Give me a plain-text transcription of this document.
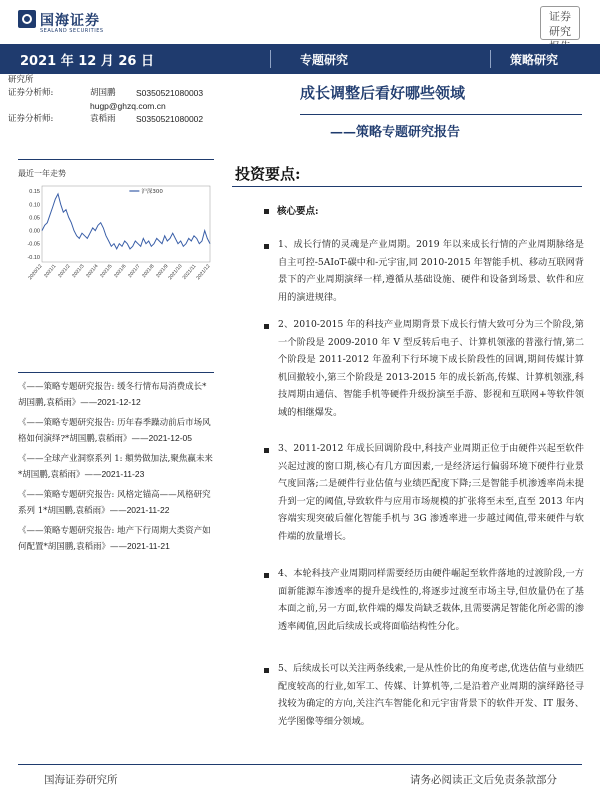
国海证券
SEALAND SECURITIES
证券研究
2021 年 12 月 26 日	专题研究	策略研究
研究所
证券分析师:	胡国鹏 S0350521080003
hugp@ghzq.com.cn
证券分析师:	袁稻雨 S0350521080002
成长调整后看好哪些领域
——策略专题研究报告
最近一年走势
0.15
0.10
0.05
0.00
-0.05
-0.10
2020/12 2021/1 2021/2 2021/3 2021/4 2021/5 2021/6 2021/7 2021/8 2021/9
2021/10
2021/11
2021/12
沪深300

《——策略专题研究报告: 缓冬行情布局消费成长*胡国鹏,袁稻雨》——2021-12-12

《——策略专题研究报告: 历年春季躁动前后市场风格如何演绎?*胡国鹏,袁稻雨》——2021-12-05

《——全球产业洞察系列 1: 頫势做加法,聚焦赢未来*胡国鹏,袁稻雨》——2021-11-23

《——策略专题研究报告: 风格定锚高——风格研究系列 1*胡国鹏,袁稻雨》——2021-11-22

《——策略专题研究报告: 地产下行周期大类资产如何配置*胡国鹏,袁稻雨》——2021-11-21

投资要点:
核心要点:
1、成长行情的灵魂是产业周期。2019 年以来成长行情的产业周期脉络是自主可控-5AIoT-碳中和-元宇宙,同 2010-2015 年智能手机、移动互联网背景下的产业周期演绎一样,遵循从基础设施、硬件和设备到场景、软件和应用的演进规律。
2、2010-2015 年的科技产业周期背景下成长行情大致可分为三个阶段,第一个阶段是 2009-2010 年 V 型反转后电子、计算机领涨的普涨行情,第二个阶段是 2011-2012 年盈利下行环境下成长阶段性的回调,期间传媒计算机回撤较小,第三个阶段是 2013-2015 年的成长新高,传媒、计算机领涨,科技周期由通信、智能手机等硬件升级扮演至手游、影视和互联网+等软件领域的相继爆发。
3、2011-2012 年成长回调阶段中,科技产业周期正位于由硬件兴起至软件兴起过渡的窗口期,核心有几方面因素,一是经济运行偏弱环境下硬件行业景气度回落;二是硬件行业估值与业绩匹配度下降;三是智能手机渗透率尚未提升到一定的阈值,导致软件与应用市场规模的扩张将至未至,直至 2013 年内容端实现突破后催化智能手机与 3G 渗透率进一步越过阈值,带来硬件与软件端的放量增长。
4、本轮科技产业周期同样需要经历由硬件崛起至软件落地的过渡阶段,一方面新能源车渗透率的提升是线性的,将逐步过渡至市场主导,但放量仍在了基本面之前,另一方面,软件端的爆发尚缺乏载体,且需要满足智能化所必需的渗透率阈值,因此后续成长或将面临结构性分化。
5、后续成长可以关注两条线索,一是从性价比的角度考虑,优选估值与业绩匹配度较高的行业,如军工、传媒、计算机等,二是沿着产业周期的演绎路径寻找较为确定的方向,关注汽车智能化和元宇宙背景下的软件开发、IT 服务、光学图像等细分领域。
国海证券研究所	请务必阅读正文后免责条款部分
